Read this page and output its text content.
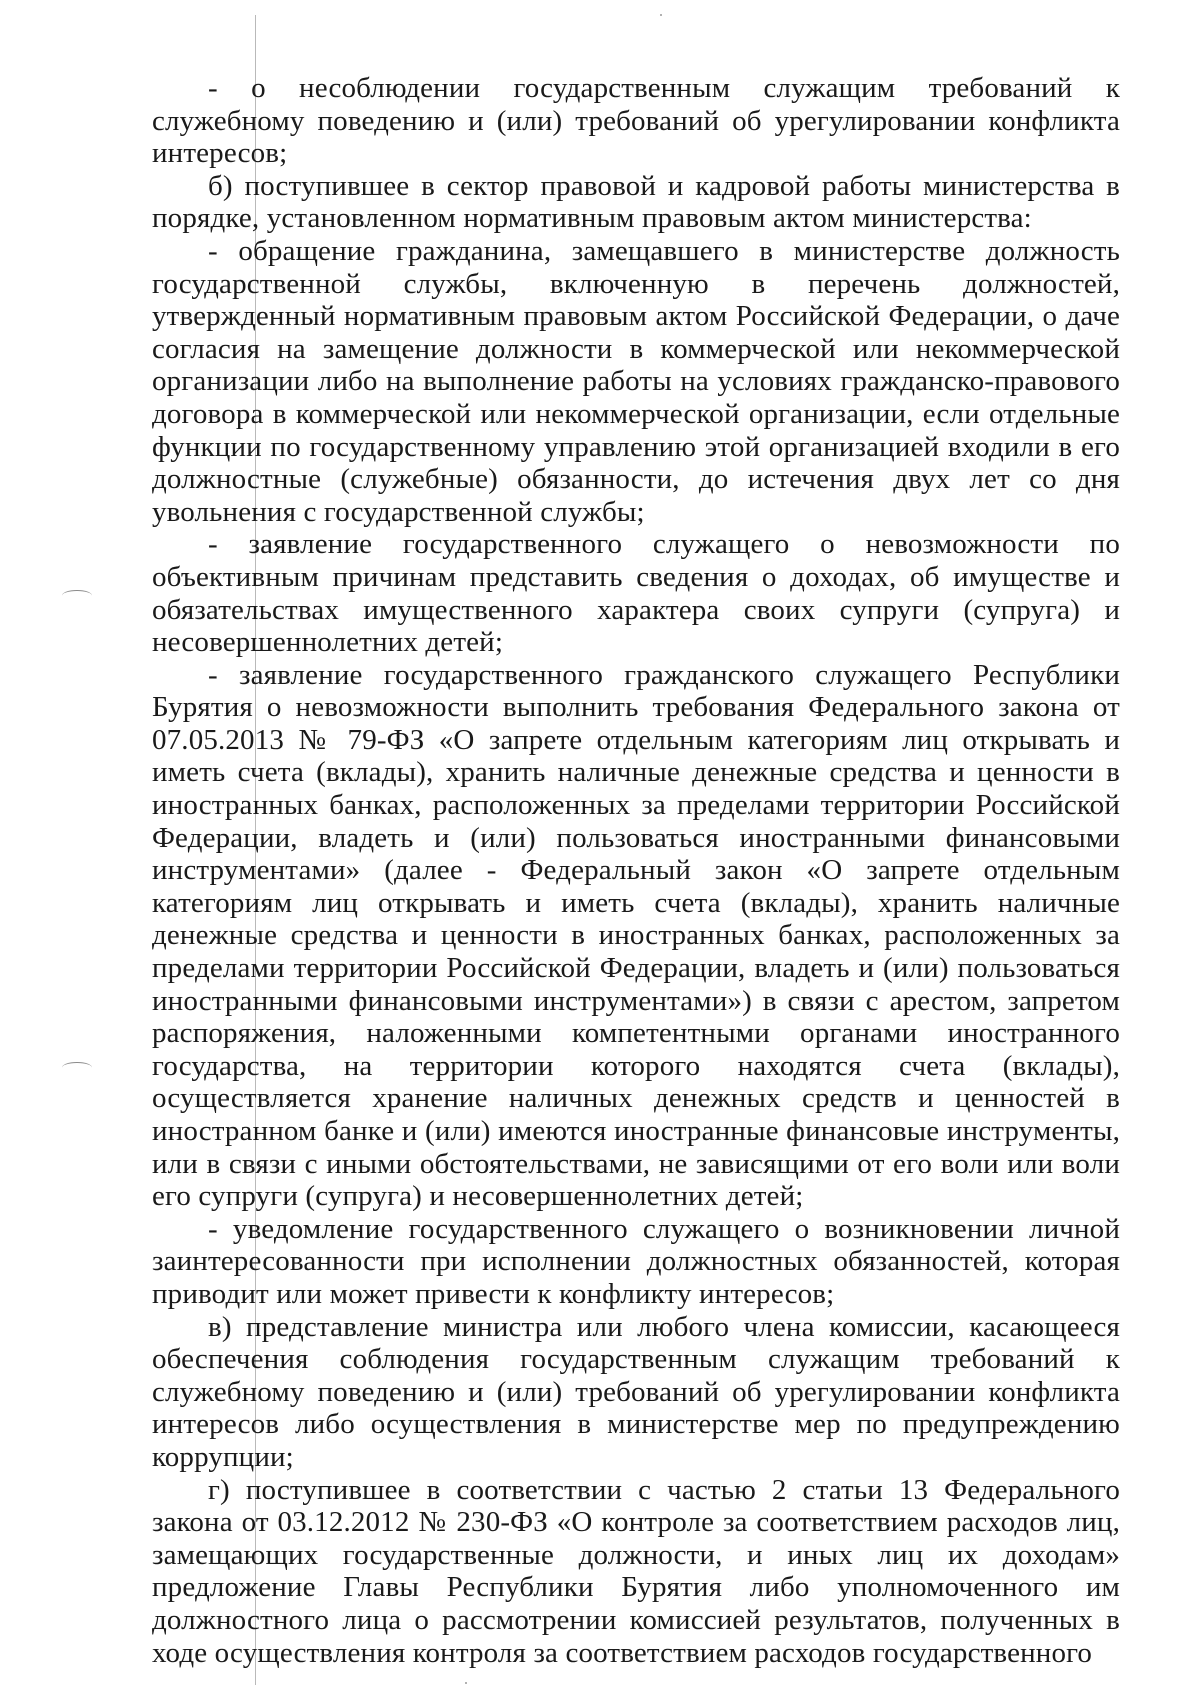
- о несоблюдении государственным служащим требований к служебному поведению и (или) требований об урегулировании конфликта интересов;

б) поступившее в сектор правовой и кадровой работы министерства в порядке, установленном нормативным правовым актом министерства:

- обращение гражданина, замещавшего в министерстве должность государственной службы, включенную в перечень должностей, утвержденный нормативным правовым актом Российской Федерации, о даче согласия на замещение должности в коммерческой или некоммерческой организации либо на выполнение работы на условиях гражданско-правового договора в коммерческой или некоммерческой организации, если отдельные функции по государственному управлению этой организацией входили в его должностные (служебные) обязанности, до истечения двух лет со дня увольнения с государственной службы;

- заявление государственного служащего о невозможности по объективным причинам представить сведения о доходах, об имуществе и обязательствах имущественного характера своих супруги (супруга) и несовершеннолетних детей;

- заявление государственного гражданского служащего Республики Бурятия о невозможности выполнить требования Федерального закона от 07.05.2013 № 79-ФЗ «О запрете отдельным категориям лиц открывать и иметь счета (вклады), хранить наличные денежные средства и ценности в иностранных банках, расположенных за пределами территории Российской Федерации, владеть и (или) пользоваться иностранными финансовыми инструментами» (далее - Федеральный закон «О запрете отдельным категориям лиц открывать и иметь счета (вклады), хранить наличные денежные средства и ценности в иностранных банках, расположенных за пределами территории Российской Федерации, владеть и (или) пользоваться иностранными финансовыми инструментами») в связи с арестом, запретом распоряжения, наложенными компетентными органами иностранного государства, на территории которого находятся счета (вклады), осуществляется хранение наличных денежных средств и ценностей в иностранном банке и (или) имеются иностранные финансовые инструменты, или в связи с иными обстоятельствами, не зависящими от его воли или воли его супруги (супруга) и несовершеннолетних детей;

- уведомление государственного служащего о возникновении личной заинтересованности при исполнении должностных обязанностей, которая приводит или может привести к конфликту интересов;

в) представление министра или любого члена комиссии, касающееся обеспечения соблюдения государственным служащим требований к служебному поведению и (или) требований об урегулировании конфликта интересов либо осуществления в министерстве мер по предупреждению коррупции;

г) поступившее в соответствии с частью 2 статьи 13 Федерального закона от 03.12.2012 № 230-ФЗ «О контроле за соответствием расходов лиц, замещающих государственные должности, и иных лиц их доходам» предложение Главы Республики Бурятия либо уполномоченного им должностного лица о рассмотрении комиссией результатов, полученных в ходе осуществления контроля за соответствием расходов государственного
